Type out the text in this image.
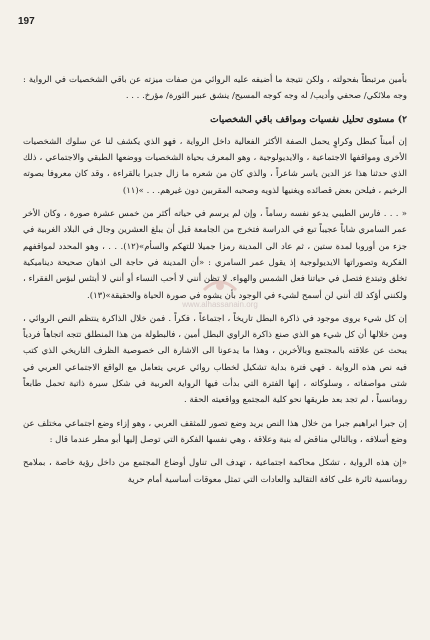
197
www.alhassanain.org

بأمين مرتبطاً بفحولته ، ولكن نتيجة ما أضيفه عليه الروائي من صفات ميزته عن باقي الشخصيات في الرواية : وجه ملائكي/ صحفي وأديب/ له وجه كوجه المسيح/ ينشق عبير الثورة/ مؤرخ. . . .

٢) مستوى تحليل نفسيات ومواقف باقي الشخصيات

إن أميناً كبطل وكراوٍ يحمل الصفة الأكثر الفعالية داخل الرواية ، فهو الذي يكشف لنا عن سلوك الشخصيات الأخرى ومواقفها الاجتماعية ، والايديولوجية ، وهو المعرف بحياة الشخصيات ووضعها الطبقي والاجتماعي ، ذلك الذي حدثنا هذا عز الدين ياسر شاعراً ، والذي كان من شعره ما زال جديرا بالقراءة ، وقد كان معروفا بصوته الرخيم ، فيلحن بعض قصائده ويغنيها لذويه وصحبه المقربين دون غيرهم. . . »(١١)

« . . . فارس الطيبي يدعو نفسه رساماً ، وإن لم يرسم في حياته أكثر من خمس عشرة صورة ، وكان الأخر عمر السامري شاباً عجيباً تبع في الدراسة فتخرج من الجامعة قبل أن يبلغ العشرين وجال في البلاد الغربية في جزء من أوروبا لمدة ستين ، ثم عاد الى المدينة رمزا جميلا للتهكم والسأم»(١٢). . . ، وهو المحدد لمواقفهم الفكرية وتصوراتها الايديولوجية إذ يقول عمر السامري : «أن المدينة في حاجة الى اذهان صحيحة ديناميكية تخلق وتبتدع فتصل في حياتنا فعل الشمس والهواء. لا تظن أنني لا أحب النساء أو أنني لا أبتئس لبؤس الفقراء ، ولكنني أؤكد لك أنني لن أسمح لشيء في الوجود بأن يشوه في صورة الحياة والحقيقة»(١٣).

إن كل شيء يروى موجود في ذاكرة البطل تاريخاً ، اجتماعاً ، فكراً . فمن خلال الذاكرة ينتظم النص الروائي ، ومن خلالها أن كل شيء هو الذي صنع ذاكرة الراوي البطل أمين ، فالبطولة من هذا المنطلق تتجه اتجاهاً فردياً يبحث عن علاقته بالمجتمع وبالأخرين ، وهذا ما يدعونا الى الاشارة الى خصوصية الظرف التاريخي الذي كتب فيه نص هذه الرواية . فهي فترة بداية تشكيل لخطاب روائي عربي يتعامل مع الواقع الاجتماعي العربي في شتى مواصفاته ، وسلوكاته ، إنها الفترة التي بدأت فيها الرواية العربية في شكل سيرة ذاتية تحمل طابعاً رومانسياً ، لم تجد بعد طريقها نحو كلية المجتمع وواقعيته الحقة .

إن جبرا ابراهيم جبرا من خلال هذا النص يريد وضع تصور للمثقف العربي ، وهو إزاء وضع اجتماعي مختلف عن وضع أسلافه ، وبالتالي مناقض له بنية وعلاقة ، وهي نفسها الفكرة التي توصل إليها أبو مطر عندما قال :

«إن هذه الرواية ، تشكل محاكمة اجتماعية ، تهدف الى تناول أوضاع المجتمع من داخل رؤية خاصة ، بملامح رومانسية ثائرة على كافة التقاليد والعادات التي تمثل معوقات أساسية أمام حرية
